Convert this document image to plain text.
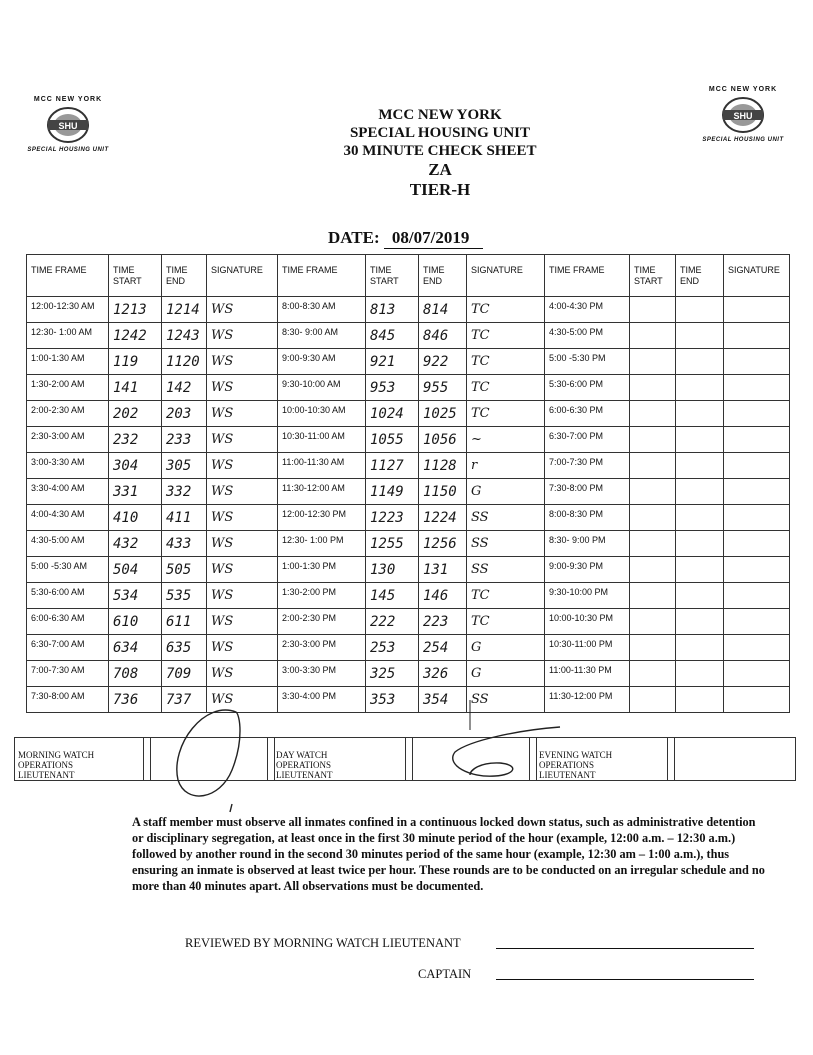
MCC NEW YORK
SHU
SPECIAL HOUSING UNIT
MCC NEW YORK
SHU
SPECIAL HOUSING UNIT
MCC NEW YORK
SPECIAL HOUSING UNIT
30 MINUTE CHECK SHEET
ZA
TIER-H
DATE: 08/07/2019
TIME FRAME	TIME START	TIME END	SIGNATURE	TIME FRAME	TIME START	TIME END	SIGNATURE	TIME FRAME	TIME START	TIME END	SIGNATURE
12:00-12:30 AM	1213	1214	WS	8:00-8:30 AM	813	814	TC	4:00-4:30 PM			
12:30- 1:00 AM	1242	1243	WS	8:30- 9:00 AM	845	846	TC	4:30-5:00 PM			
1:00-1:30 AM	119	1120	WS	9:00-9:30 AM	921	922	TC	5:00 -5:30 PM			
1:30-2:00 AM	141	142	WS	9:30-10:00 AM	953	955	TC	5:30-6:00 PM			
2:00-2:30 AM	202	203	WS	10:00-10:30 AM	1024	1025	TC	6:00-6:30 PM			
2:30-3:00 AM	232	233	WS	10:30-11:00 AM	1055	1056	~	6:30-7:00 PM			
3:00-3:30 AM	304	305	WS	11:00-11:30 AM	1127	1128	r	7:00-7:30 PM			
3:30-4:00 AM	331	332	WS	11:30-12:00 AM	1149	1150	G	7:30-8:00 PM			
4:00-4:30 AM	410	411	WS	12:00-12:30 PM	1223	1224	SS	8:00-8:30 PM			
4:30-5:00 AM	432	433	WS	12:30- 1:00 PM	1255	1256	SS	8:30- 9:00 PM			
5:00 -5:30 AM	504	505	WS	1:00-1:30 PM	130	131	SS	9:00-9:30 PM			
5:30-6:00 AM	534	535	WS	1:30-2:00 PM	145	146	TC	9:30-10:00 PM			
6:00-6:30 AM	610	611	WS	2:00-2:30 PM	222	223	TC	10:00-10:30 PM			
6:30-7:00 AM	634	635	WS	2:30-3:00 PM	253	254	G	10:30-11:00 PM			
7:00-7:30 AM	708	709	WS	3:00-3:30 PM	325	326	G	11:00-11:30 PM			
7:30-8:00 AM	736	737	WS	3:30-4:00 PM	353	354	SS	11:30-12:00 PM			
MORNING WATCH
OPERATIONS
LIEUTENANT
DAY WATCH
OPERATIONS
LIEUTENANT
EVENING WATCH
OPERATIONS
LIEUTENANT
A staff member must observe all inmates confined in a continuous locked down status, such as administrative detention or disciplinary segregation, at least once in the first 30 minute period of the hour (example, 12:00 a.m. – 12:30 a.m.) followed by another round in the second 30 minutes period of the same hour (example, 12:30 am – 1:00 a.m.), thus ensuring an inmate is observed at least twice per hour. These rounds are to be conducted on an irregular schedule and no more than 40 minutes apart. All observations must be documented.
REVIEWED BY MORNING WATCH LIEUTENANT
CAPTAIN
